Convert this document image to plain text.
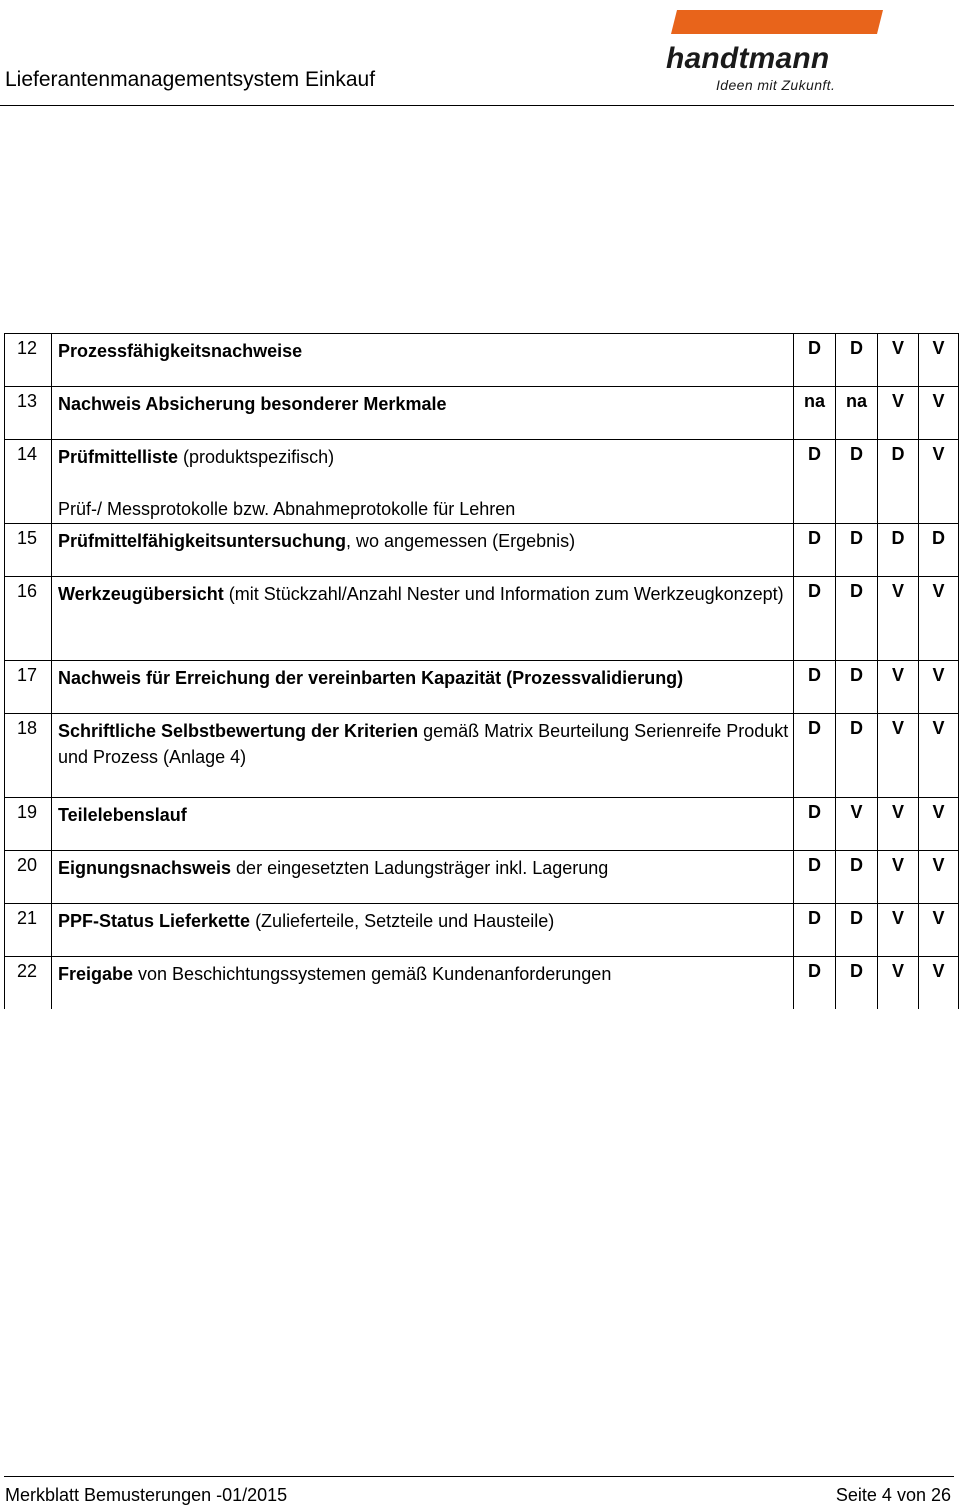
Lieferantenmanagementsystem Einkauf
handtmann
Ideen mit Zukunft.
12	Prozessfähigkeitsnachweise	D	D	V	V
13	Nachweis Absicherung besonderer Merkmale	na	na	V	V
14	Prüfmittelliste (produktspezifisch)
Prüf-/ Messprotokolle bzw. Abnahmeprotokolle für Lehren	D	D	D	V
15	Prüfmittelfähigkeitsuntersuchung, wo angemessen (Ergebnis)	D	D	D	D
16	Werkzeugübersicht (mit Stückzahl/Anzahl Nester und Information zum Werkzeugkonzept)	D	D	V	V
17	Nachweis für Erreichung der vereinbarten Kapazität (Prozessvalidierung)	D	D	V	V
18	Schriftliche Selbstbewertung der Kriterien gemäß Matrix Beurteilung Serienreife Produkt und Prozess (Anlage 4)	D	D	V	V
19	Teilelebenslauf	D	V	V	V
20	Eignungsnachsweis der eingesetzten Ladungsträger inkl. Lagerung	D	D	V	V
21	PPF-Status Lieferkette (Zulieferteile, Setzteile und Hausteile)	D	D	V	V
22	Freigabe von Beschichtungssystemen gemäß Kundenanforderungen	D	D	V	V
Merkblatt Bemusterungen -01/2015	Seite 4 von 26
